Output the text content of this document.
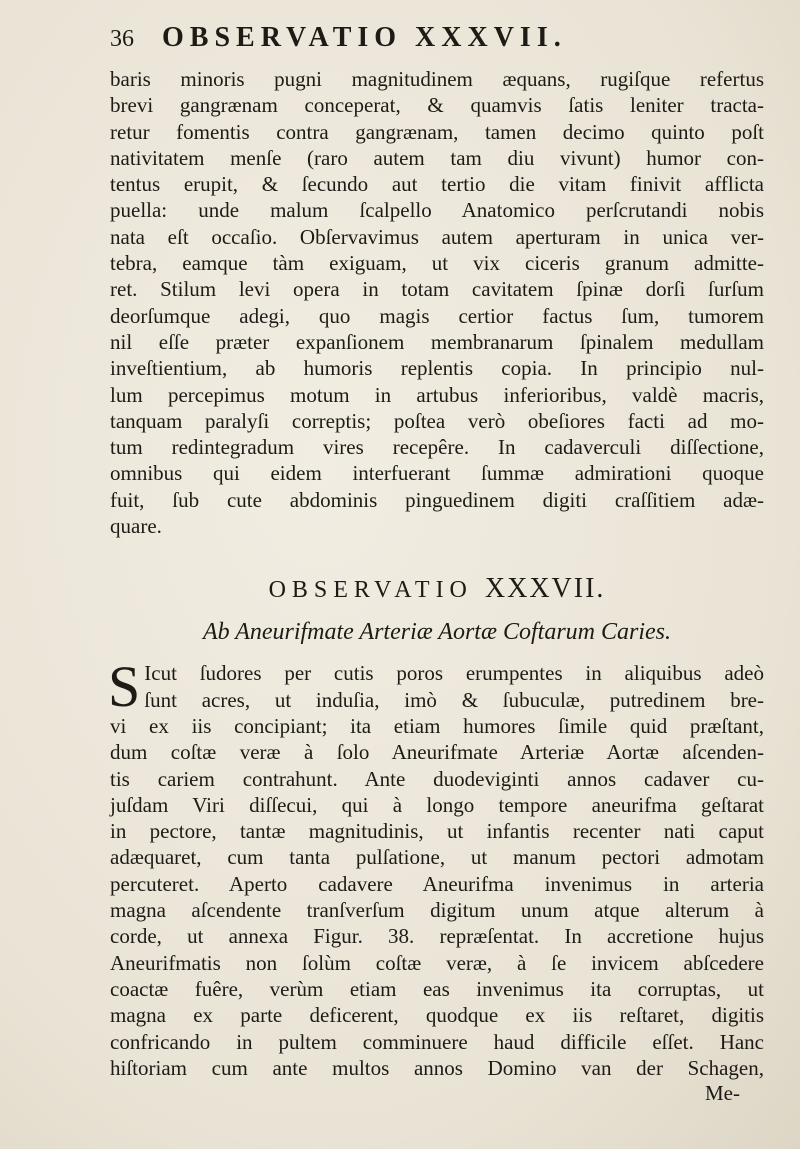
36	OBSERVATIO XXXVII.
baris minoris pugni magnitudinem æquans, rugiſque refertus
brevi gangrænam conceperat, & quamvis ſatis leniter tracta-
retur fomentis contra gangrænam, tamen decimo quinto poſt
nativitatem menſe (raro autem tam diu vivunt) humor con-
tentus erupit, & ſecundo aut tertio die vitam finivit afflicta
puella: unde malum ſcalpello Anatomico perſcrutandi nobis
nata eſt occaſio. Obſervavimus autem aperturam in unica ver-
tebra, eamque tàm exiguam, ut vix ciceris granum admitte-
ret. Stilum levi opera in totam cavitatem ſpinæ dorſi ſurſum
deorſumque adegi, quo magis certior factus ſum, tumorem
nil eſſe præter expanſionem membranarum ſpinalem medullam
inveſtientium, ab humoris replentis copia. In principio nul-
lum percepimus motum in artubus inferioribus, valdè macris,
tanquam paralyſi correptis; poſtea verò obeſiores facti ad mo-
tum redintegradum vires recepêre. In cadaverculi diſſectione,
omnibus qui eidem interfuerant ſummæ admirationi quoque
fuit, ſub cute abdominis pinguedinem digiti craſſitiem adæ-
quare.
OBSERVATIO XXXVII.
Ab Aneurifmate Arteriæ Aortæ Coftarum Caries.
S Icut ſudores per cutis poros erumpentes in aliquibus adeò
ſunt acres, ut induſia, imò & ſubuculæ, putredinem bre-
vi ex iis concipiant; ita etiam humores ſimile quid præſtant,
dum coſtæ veræ à ſolo Aneurifmate Arteriæ Aortæ aſcenden-
tis cariem contrahunt. Ante duodeviginti annos cadaver cu-
juſdam Viri diſſecui, qui à longo tempore aneurifma geſtarat
in pectore, tantæ magnitudinis, ut infantis recenter nati caput
adæquaret, cum tanta pulſatione, ut manum pectori admotam
percuteret. Aperto cadavere Aneurifma invenimus in arteria
magna aſcendente tranſverſum digitum unum atque alterum à
corde, ut annexa Figur. 38. repræſentat. In accretione hujus
Aneurifmatis non ſolùm coſtæ veræ, à ſe invicem abſcedere
coactæ fuêre, verùm etiam eas invenimus ita corruptas, ut
magna ex parte deficerent, quodque ex iis reſtaret, digitis
confricando in pultem comminuere haud difficile eſſet. Hanc
hiſtoriam cum ante multos annos Domino van der Schagen,
Me-
